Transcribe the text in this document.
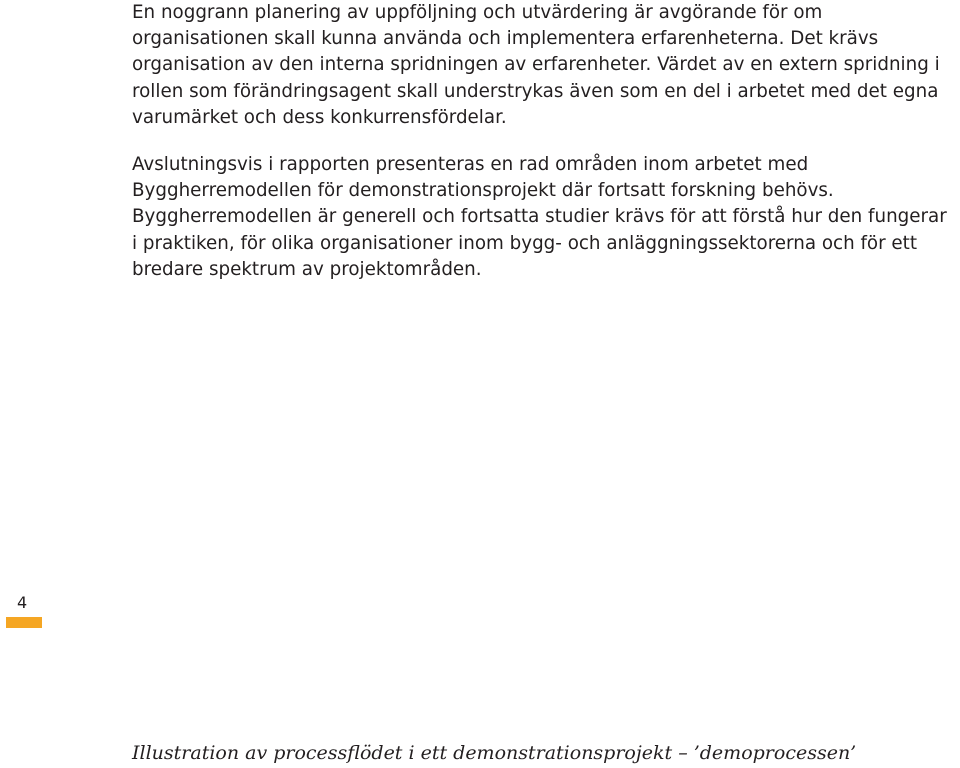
En noggrann planering av uppföljning och utvärdering är avgörande för om organisationen skall kunna använda och implementera erfarenheterna. Det krävs organisation av den interna spridningen av erfarenheter. Värdet av en extern spridning i rollen som förändringsagent skall understrykas även som en del i arbetet med det egna varumärket och dess konkurrensfördelar.

Avslutningsvis i rapporten presenteras en rad områden inom arbetet med Byggherremodellen för demonstrationsprojekt där fortsatt forskning behövs. Byggherremodellen är generell och fortsatta studier krävs för att förstå hur den fungerar i praktiken, för olika organisationer inom bygg- och anläggningssektorerna och för ett bredare spektrum av projektområden.

4

Illustration av processflödet i ett demonstrationsprojekt – ’demoprocessen’
